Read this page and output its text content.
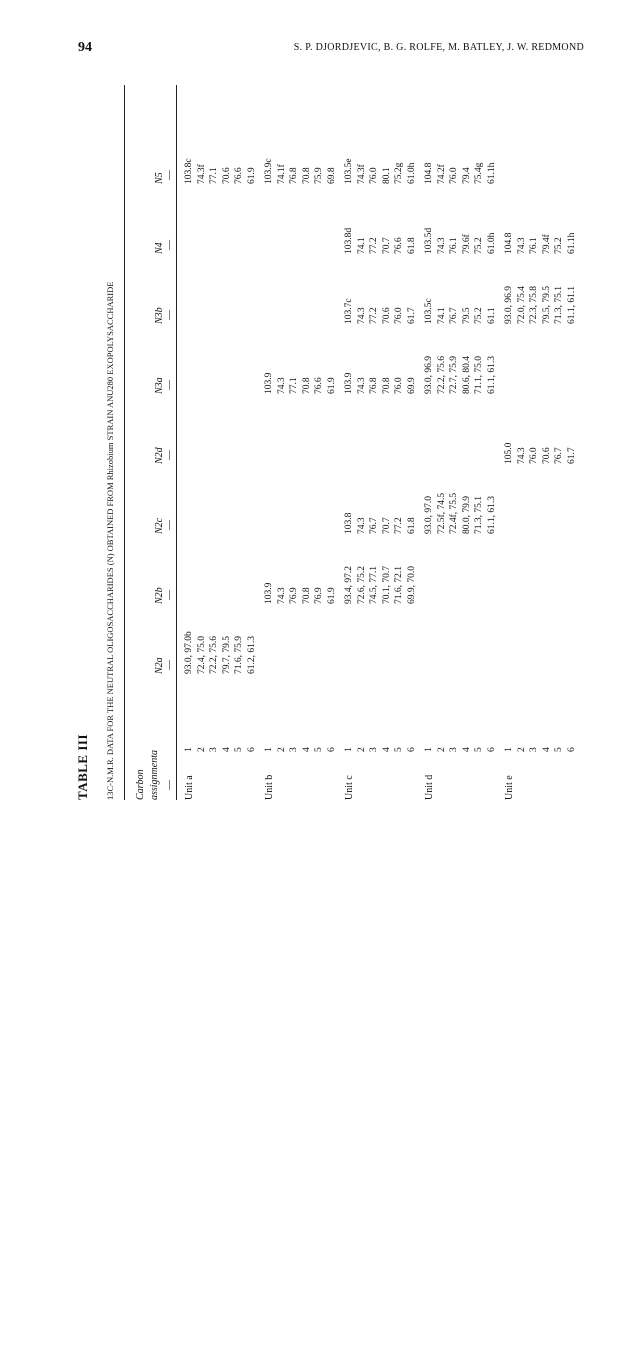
94	S. P. DJORDJEVIC, B. G. ROLFE, M. BATLEY, J. W. REDMOND
TABLE III 13C-N.M.R. DATA FOR THE NEUTRAL OLIGOSACCHARIDES (N) OBTAINED FROM Rhizobium STRAIN ANU280 EXOPOLYSACCHARIDE Carbon assignmenta
N2a —
N2b —
N2c —
N2d —
N3a —
N3b —
N4 —
N5 —
— Unit a
1
93.0, 97.0b
103.8c
2
72.4, 75.0
74.3f
3
72.2, 75.6
77.1
4
79.7, 79.5
70.6
5
71.6, 75.9
76.6
6
61.2, 61.3
61.9
Unit b
1
103.9
103.9
103.9c
2
74.3
74.3
74.1f
3
76.9
77.1
76.8
4
70.8
70.8
70.8
5
76.9
76.6
75.9
6
61.9
61.9
69.8
Unit c
1
93.4, 97.2
103.8
103.9
103.7c
103.8d
103.5e
2
72.6, 75.2
74.3
74.3
74.3
74.1
74.3f
3
74.5, 77.1
76.7
76.8
77.2
77.2
76.0
4
70.1, 70.7
70.7
70.8
70.6
70.7
80.1
5
71.6, 72.1
77.2
76.0
76.0
76.6
75.2g
6
69.9, 70.0
61.8
69.9
61.7
61.8
61.0h
Unit d
1
93.0, 97.0
93.0, 96.9
103.5c
103.5d
104.8
2
72.5f, 74.5
72.2, 75.6
74.1
74.3
74.2f
3
72.4f, 75.5
72.7, 75.9
76.7
76.1
76.0
4
80.0, 79.9
80.6, 80.4
79.5
79.6f
79.4
5
71.3, 75.1
71.1, 75.0
75.2
75.2
75.4g
6
61.1, 61.3
61.1, 61.3
61.1
61.0h
61.1h
Unit e
1
105.0
93.0, 96.9
104.8
2
74.3
72.0, 75.4
74.3
3
76.0
72.3, 75.8
76.1
4
70.6
79.5, 79.5
79.4f
5
76.7
71.3, 75.1
75.2
6
61.7
61.1, 61.1
61.1h
